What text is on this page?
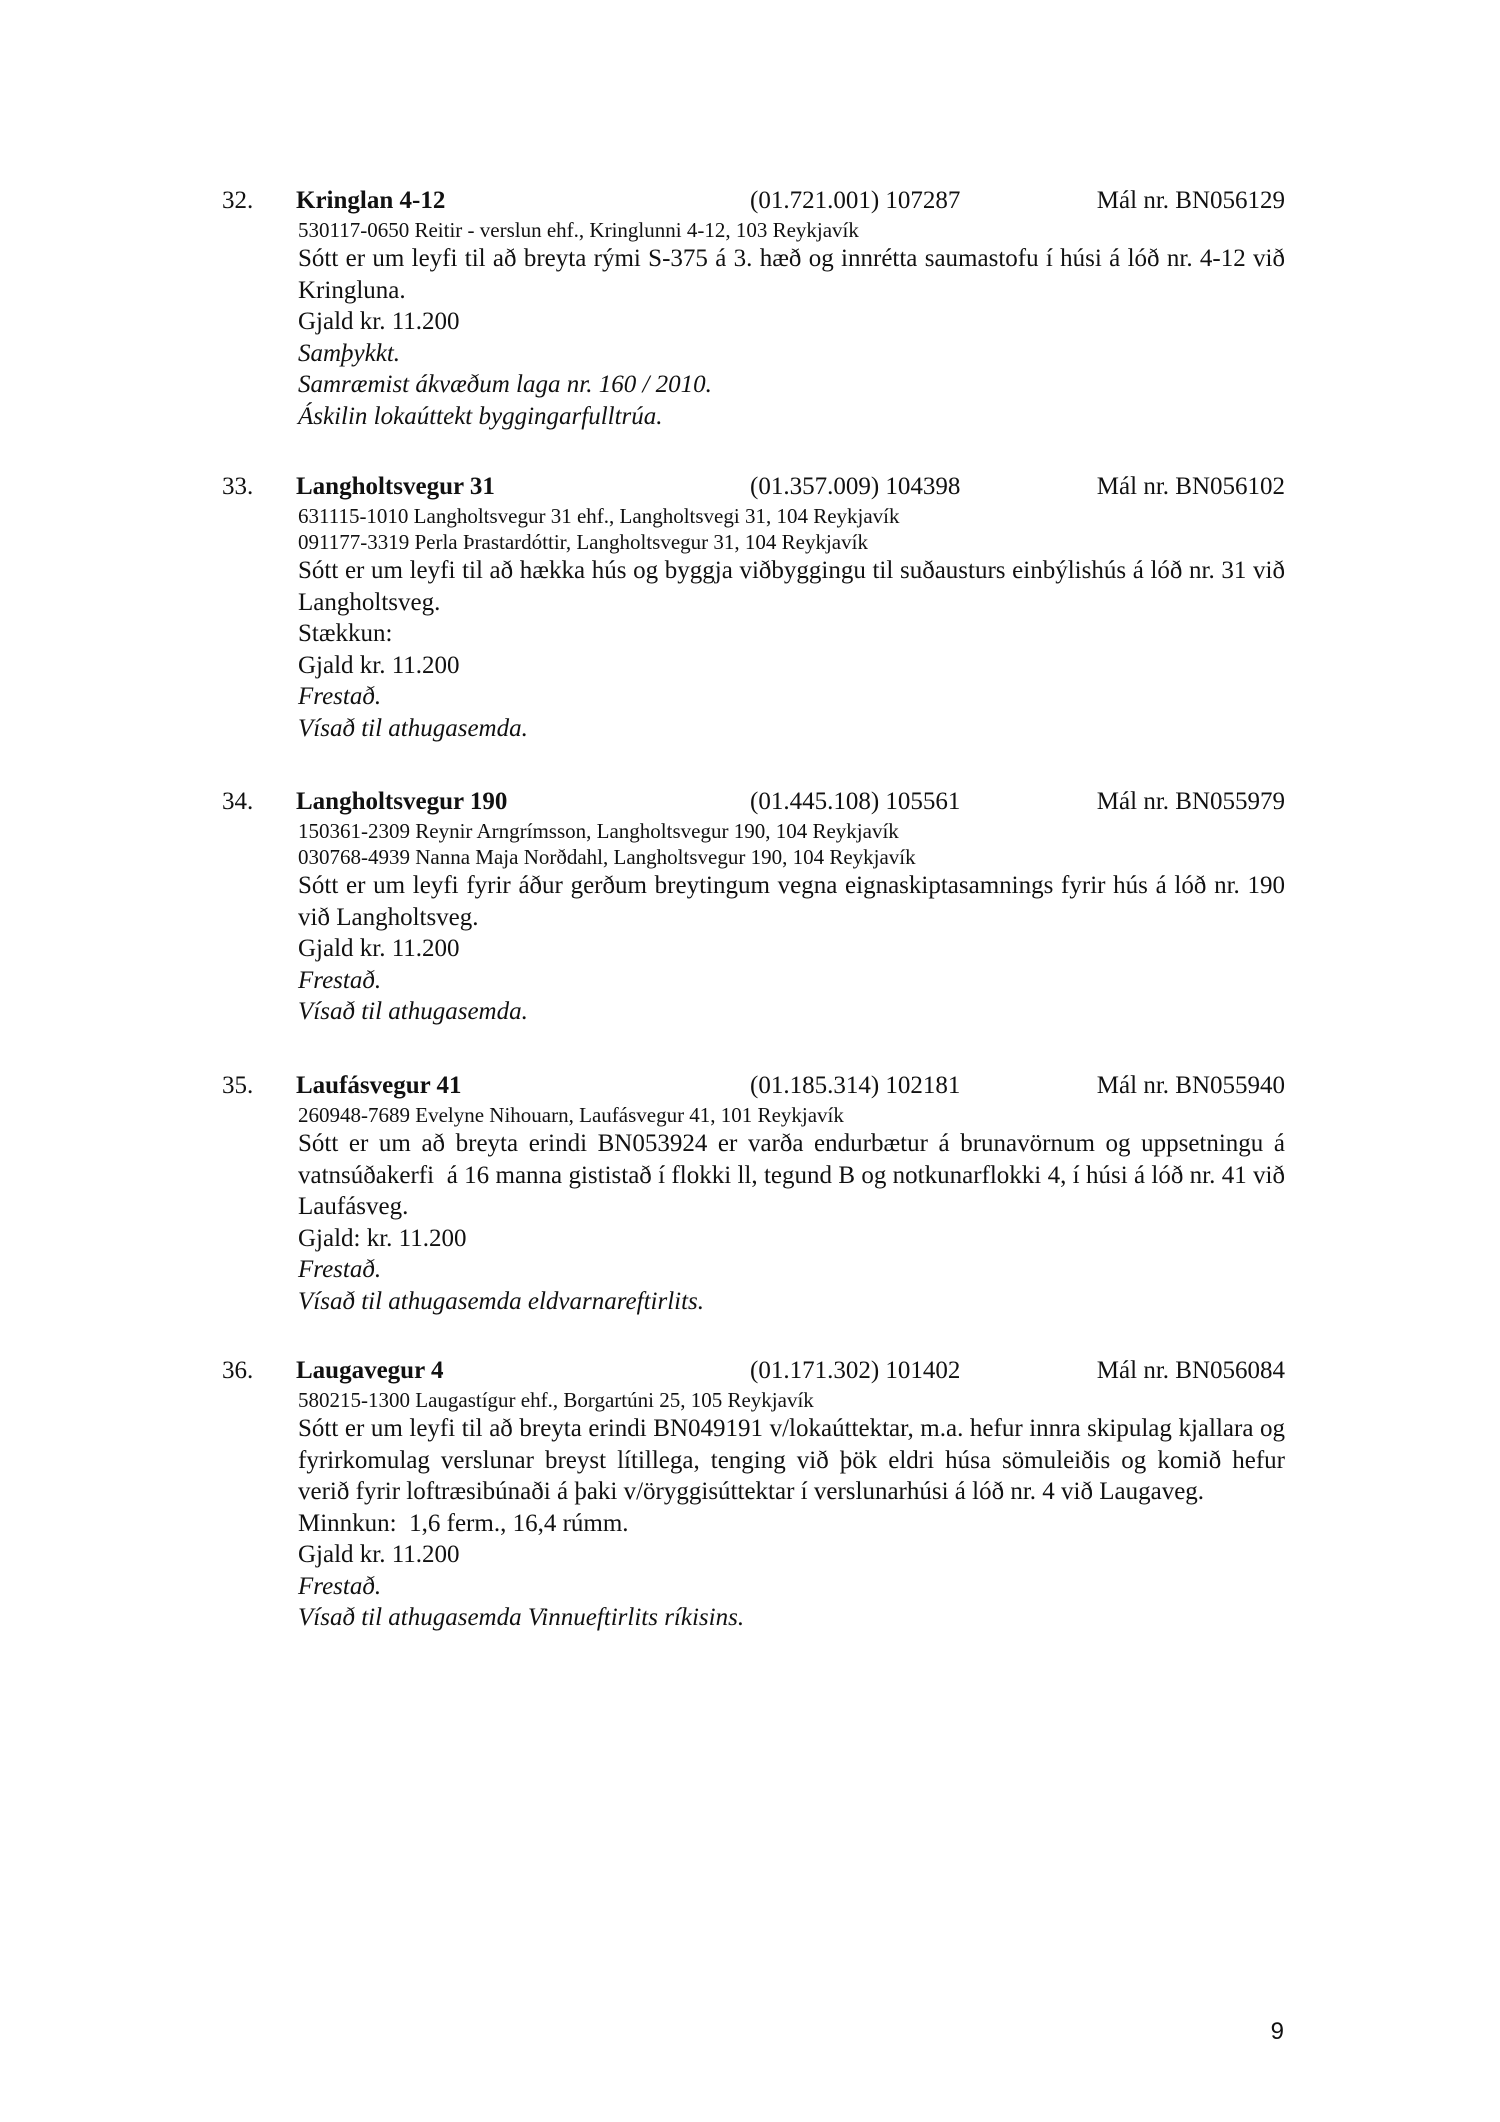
32. Kringlan 4-12	(01.721.001) 107287	Mál nr. BN056129
530117-0650 Reitir - verslun ehf., Kringlunni 4-12, 103 Reykjavík
Sótt er um leyfi til að breyta rými S-375 á 3. hæð og innrétta saumastofu í húsi á lóð nr. 4-12 við Kringluna.
Gjald kr. 11.200
Samþykkt.
Samræmist ákvæðum laga nr. 160 / 2010.
Áskilin lokaúttekt byggingarfulltrúa.
33. Langholtsvegur 31	(01.357.009) 104398	Mál nr. BN056102
631115-1010 Langholtsvegur 31 ehf., Langholtsvegi 31, 104 Reykjavík
091177-3319 Perla Þrastardóttir, Langholtsvegur 31, 104 Reykjavík
Sótt er um leyfi til að hækka hús og byggja viðbyggingu til suðausturs einbýlishús á lóð nr. 31 við Langholtsveg.
Stækkun:
Gjald kr. 11.200
Frestað.
Vísað til athugasemda.
34. Langholtsvegur 190	(01.445.108) 105561	Mál nr. BN055979
150361-2309 Reynir Arngrímsson, Langholtsvegur 190, 104 Reykjavík
030768-4939 Nanna Maja Norðdahl, Langholtsvegur 190, 104 Reykjavík
Sótt er um leyfi fyrir áður gerðum breytingum vegna eignaskiptasamnings fyrir hús á lóð nr. 190 við Langholtsveg.
Gjald kr. 11.200
Frestað.
Vísað til athugasemda.
35. Laufásvegur 41	(01.185.314) 102181	Mál nr. BN055940
260948-7689 Evelyne Nihouarn, Laufásvegur 41, 101 Reykjavík
Sótt er um að breyta erindi BN053924 er varða endurbætur á brunavörnum og uppsetningu á vatnsúðakerfi  á 16 manna gististað í flokki ll, tegund B og notkunarflokki 4, í húsi á lóð nr. 41 við Laufásveg.
Gjald: kr. 11.200
Frestað.
Vísað til athugasemda eldvarnareftirlits.
36. Laugavegur 4	(01.171.302) 101402	Mál nr. BN056084
580215-1300 Laugastígur ehf., Borgartúni 25, 105 Reykjavík
Sótt er um leyfi til að breyta erindi BN049191 v/lokaúttektar, m.a. hefur innra skipulag kjallara og fyrirkomulag verslunar breyst lítillega, tenging við þök eldri húsa sömuleiðis og komið hefur verið fyrir loftræsibúnaði á þaki v/öryggisúttektar í verslunarhúsi á lóð nr. 4 við Laugaveg.
Minnkun:  1,6 ferm., 16,4 rúmm.
Gjald kr. 11.200
Frestað.
Vísað til athugasemda Vinnueftirlits ríkisins.
9
